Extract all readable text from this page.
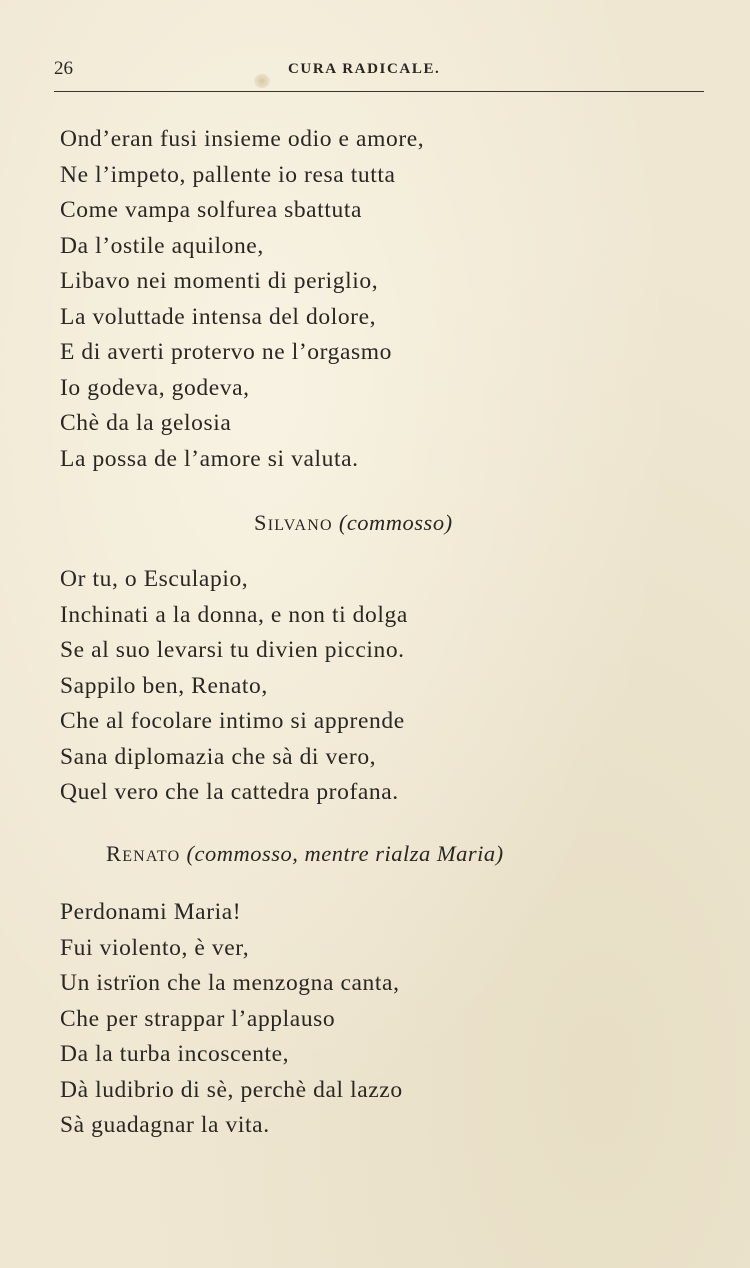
26	CURA RADICALE.
Ond’eran fusi insieme odio e amore,
Ne l’impeto, pallente io resa tutta
Come vampa solfurea sbattuta
Da l’ostile aquilone,
Libavo nei momenti di periglio,
La voluttade intensa del dolore,
E di averti protervo ne l’orgasmo
Io godeva, godeva,
Chè da la gelosia
La possa de l’amore si valuta.
Silvano (commosso)
Or tu, o Esculapio,
Inchinati a la donna, e non ti dolga
Se al suo levarsi tu divien piccino.
Sappilo ben, Renato,
Che al focolare intimo si apprende
Sana diplomazia che sà di vero,
Quel vero che la cattedra profana.
Renato (commosso, mentre rialza Maria)
Perdonami Maria!
Fui violento, è ver,
Un istrïon che la menzogna canta,
Che per strappar l’applauso
Da la turba incoscente,
Dà ludibrio di sè, perchè dal lazzo
Sà guadagnar la vita.
